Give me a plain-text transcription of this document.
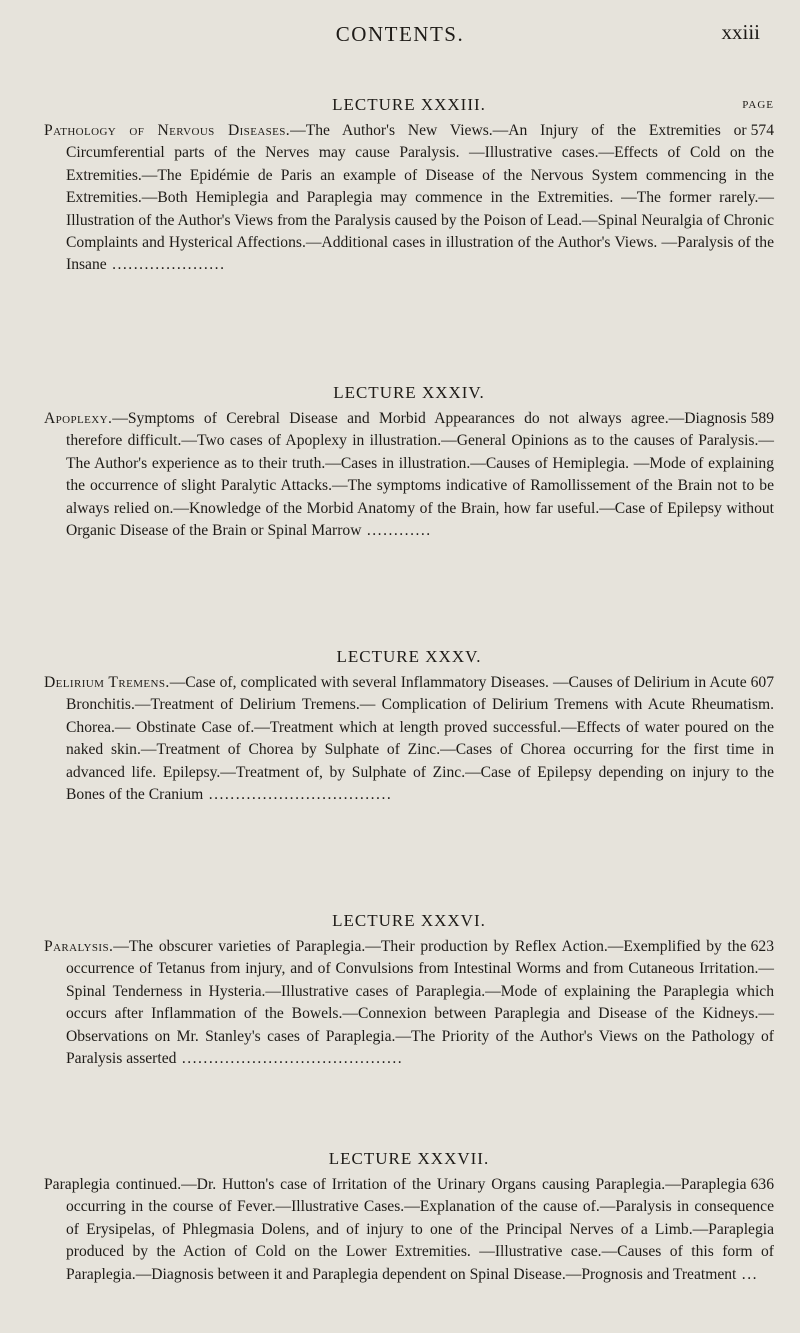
CONTENTS.	xxiii
LECTURE XXXIII.	PAGE

574
Pathology of Nervous Diseases.—The Author's New Views.—An Injury of the Extremities or Circumferential parts of the Nerves may cause Paralysis. —Illustrative cases.—Effects of Cold on the Extremities.—The Epidémie de Paris an example of Disease of the Nervous System commencing in the Extremities.—Both Hemiplegia and Paraplegia may commence in the Extremities. —The former rarely.—Illustration of the Author's Views from the Paralysis caused by the Poison of Lead.—Spinal Neuralgia of Chronic Complaints and Hysterical Affections.—Additional cases in illustration of the Author's Views. —Paralysis of the Insane .....................

LECTURE XXXIV.

589
Apoplexy.—Symptoms of Cerebral Disease and Morbid Appearances do not always agree.—Diagnosis therefore difficult.—Two cases of Apoplexy in illustration.—General Opinions as to the causes of Paralysis.—The Author's experience as to their truth.—Cases in illustration.—Causes of Hemiplegia. —Mode of explaining the occurrence of slight Paralytic Attacks.—The symptoms indicative of Ramollissement of the Brain not to be always relied on.—Knowledge of the Morbid Anatomy of the Brain, how far useful.—Case of Epilepsy without Organic Disease of the Brain or Spinal Marrow ............

LECTURE XXXV.

607
Delirium Tremens.—Case of, complicated with several Inflammatory Diseases. —Causes of Delirium in Acute Bronchitis.—Treatment of Delirium Tremens.— Complication of Delirium Tremens with Acute Rheumatism. Chorea.— Obstinate Case of.—Treatment which at length proved successful.—Effects of water poured on the naked skin.—Treatment of Chorea by Sulphate of Zinc.—Cases of Chorea occurring for the first time in advanced life. Epilepsy.—Treatment of, by Sulphate of Zinc.—Case of Epilepsy depending on injury to the Bones of the Cranium ..................................

LECTURE XXXVI.

623
Paralysis.—The obscurer varieties of Paraplegia.—Their production by Reflex Action.—Exemplified by the occurrence of Tetanus from injury, and of Convulsions from Intestinal Worms and from Cutaneous Irritation.—Spinal Tenderness in Hysteria.—Illustrative cases of Paraplegia.—Mode of explaining the Paraplegia which occurs after Inflammation of the Bowels.—Connexion between Paraplegia and Disease of the Kidneys.—Observations on Mr. Stanley's cases of Paraplegia.—The Priority of the Author's Views on the Pathology of Paralysis asserted .........................................

LECTURE XXXVII.

636
Paraplegia continued.—Dr. Hutton's case of Irritation of the Urinary Organs causing Paraplegia.—Paraplegia occurring in the course of Fever.—Illustrative Cases.—Explanation of the cause of.—Paralysis in consequence of Erysipelas, of Phlegmasia Dolens, and of injury to one of the Principal Nerves of a Limb.—Paraplegia produced by the Action of Cold on the Lower Extremities. —Illustrative case.—Causes of this form of Paraplegia.—Diagnosis between it and Paraplegia dependent on Spinal Disease.—Prognosis and Treatment ...
